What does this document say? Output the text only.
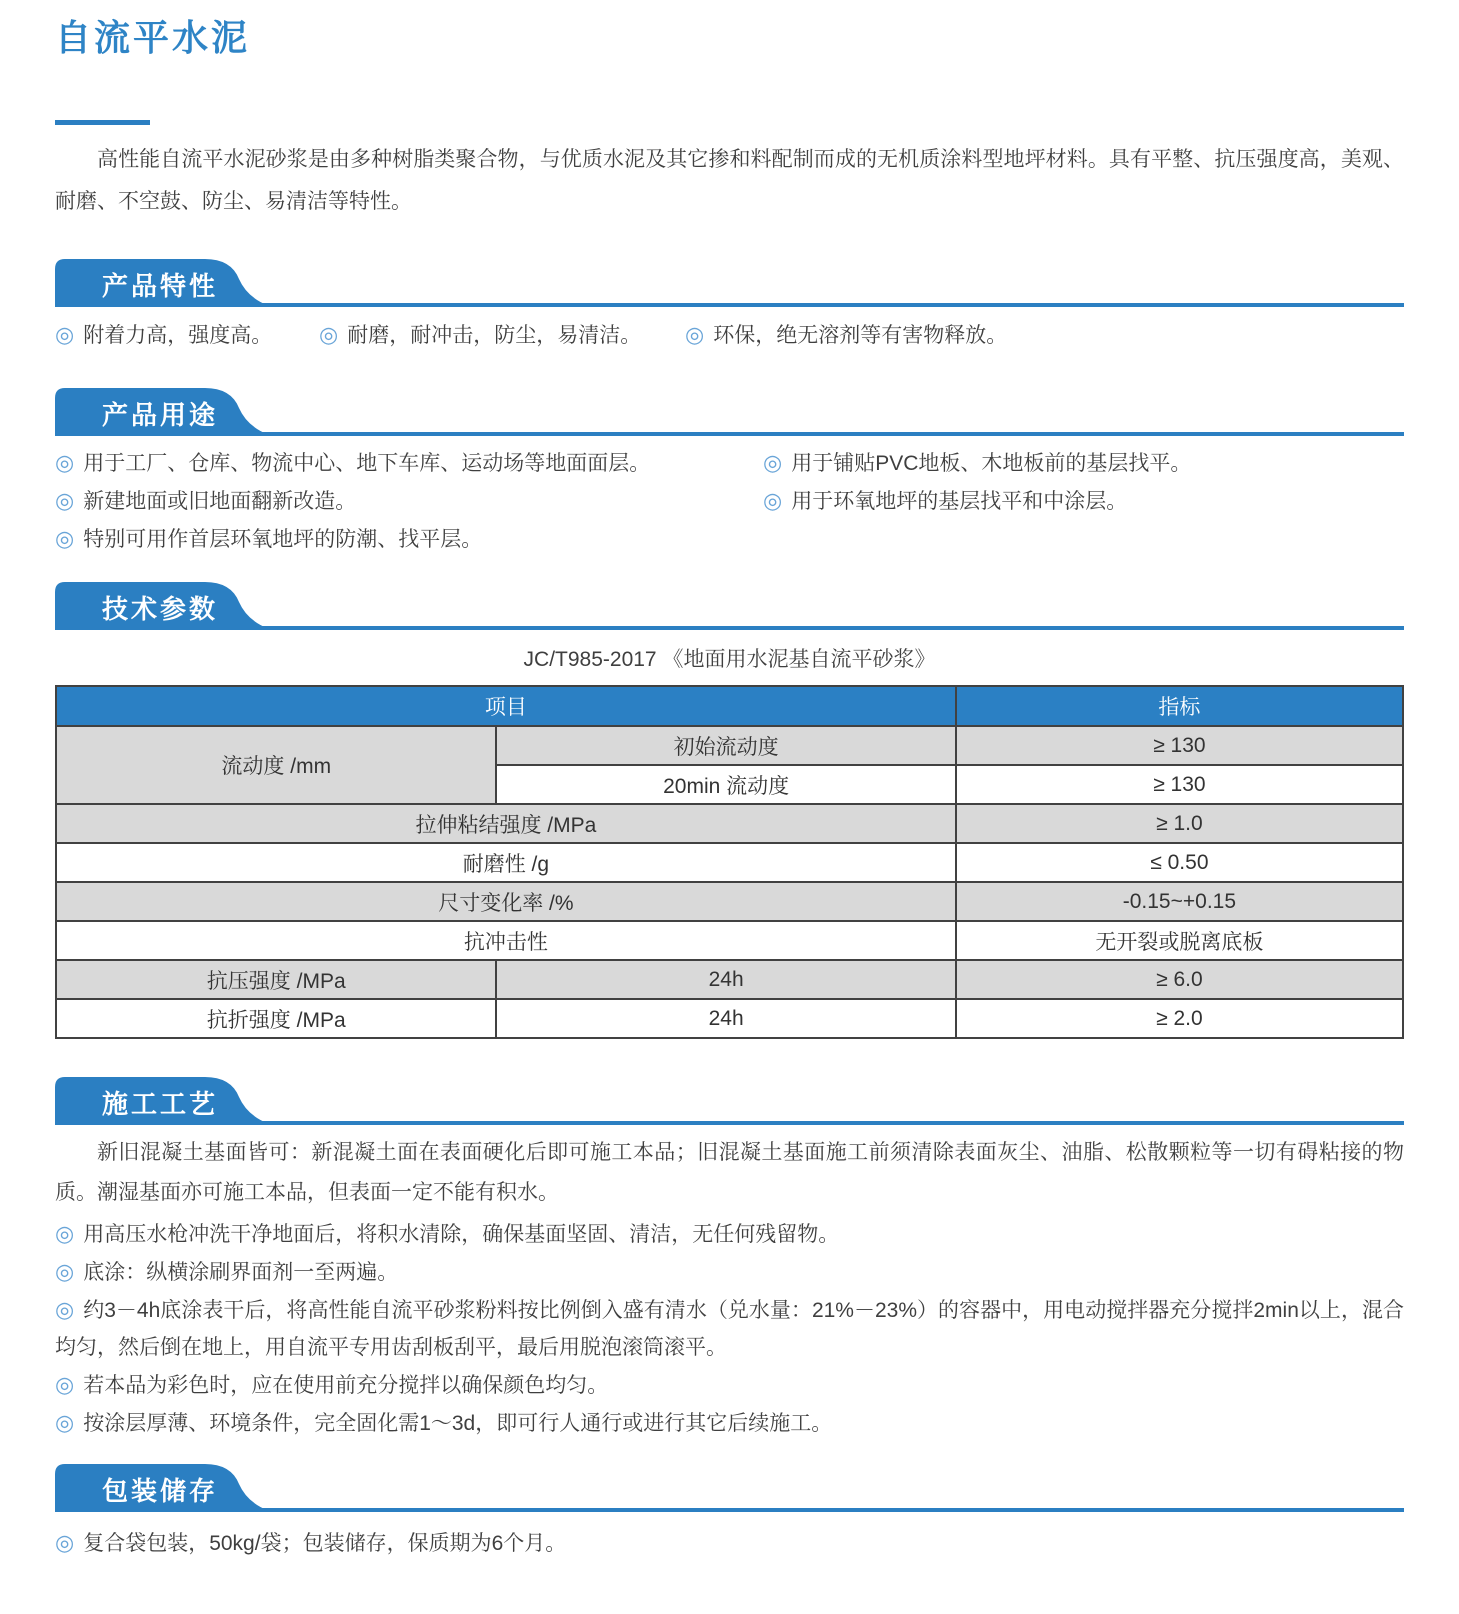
自流平水泥

高性能自流平水泥砂浆是由多种树脂类聚合物，与优质水泥及其它掺和料配制而成的无机质涂料型地坪材料。具有平整、抗压强度高，美观、耐磨、不空鼓、防尘、易清洁等特性。

产品特性
◎ 附着力高，强度高。	◎ 耐磨，耐冲击，防尘，易清洁。	◎ 环保，绝无溶剂等有害物释放。
产品用途
◎ 用于工厂、仓库、物流中心、地下车库、运动场等地面面层。
◎ 新建地面或旧地面翻新改造。
◎ 特别可用作首层环氧地坪的防潮、找平层。
◎ 用于铺贴PVC地板、木地板前的基层找平。
◎ 用于环氧地坪的基层找平和中涂层。
技术参数

JC/T985-2017 《地面用水泥基自流平砂浆》

项目		指标
流动度 /mm	初始流动度	≥ 130
	20min 流动度	≥ 130
拉伸粘结强度 /MPa		≥ 1.0
耐磨性 /g		≤ 0.50
尺寸变化率 /%		-0.15~+0.15
抗冲击性		无开裂或脱离底板
抗压强度 /MPa	24h	≥ 6.0
抗折强度 /MPa	24h	≥ 2.0
施工工艺

新旧混凝土基面皆可：新混凝土面在表面硬化后即可施工本品；旧混凝土基面施工前须清除表面灰尘、油脂、松散颗粒等一切有碍粘接的物质。潮湿基面亦可施工本品，但表面一定不能有积水。

◎ 用高压水枪冲洗干净地面后，将积水清除，确保基面坚固、清洁，无任何残留物。
◎ 底涂：纵横涂刷界面剂一至两遍。
◎ 约3－4h底涂表干后，将高性能自流平砂浆粉料按比例倒入盛有清水（兑水量：21%－23%）的容器中，用电动搅拌器充分搅拌2min以上，混合均匀，然后倒在地上，用自流平专用齿刮板刮平，最后用脱泡滚筒滚平。
◎ 若本品为彩色时，应在使用前充分搅拌以确保颜色均匀。
◎ 按涂层厚薄、环境条件，完全固化需1～3d，即可行人通行或进行其它后续施工。
包装储存
◎ 复合袋包装，50kg/袋；包装储存，保质期为6个月。
